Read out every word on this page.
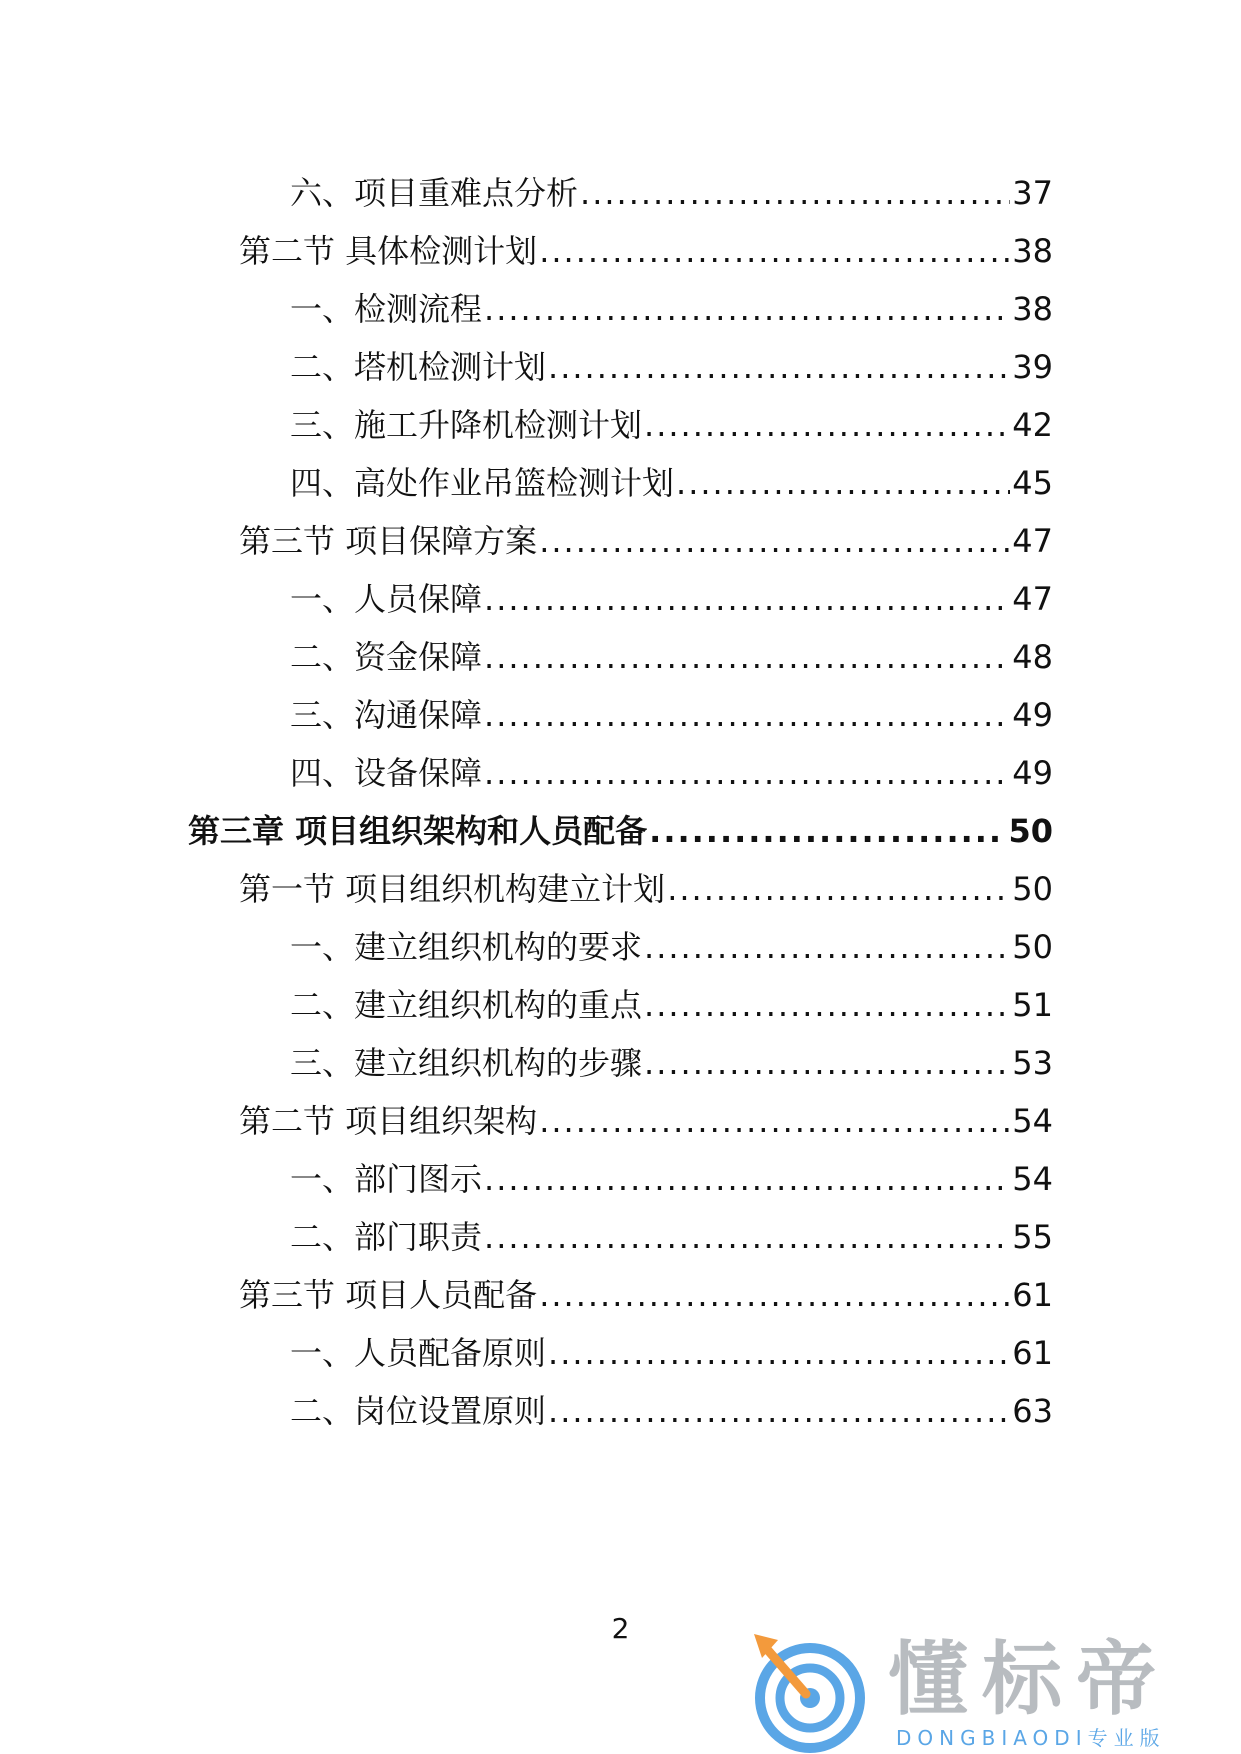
六、项目重难点分析 .....	37
第二节 具体检测计划 .....	38
一、检测流程 .....	38
二、塔机检测计划 .....	39
三、施工升降机检测计划 .....	42
四、高处作业吊篮检测计划 .....	45
第三节 项目保障方案 .....	47
一、人员保障 .....	47
二、资金保障 .....	48
三、沟通保障 .....	49
四、设备保障 .....	49
第三章 项目组织架构和人员配备 .....	50
第一节 项目组织机构建立计划 .....	50
一、建立组织机构的要求 .....	50
二、建立组织机构的重点 .....	51
三、建立组织机构的步骤 .....	53
第二节 项目组织架构 .....	54
一、部门图示 .....	54
二、部门职责 .....	55
第三节 项目人员配备 .....	61
一、人员配备原则 .....	61
二、岗位设置原则 .....	63
2
懂标帝
DONGBIAODI专业版
